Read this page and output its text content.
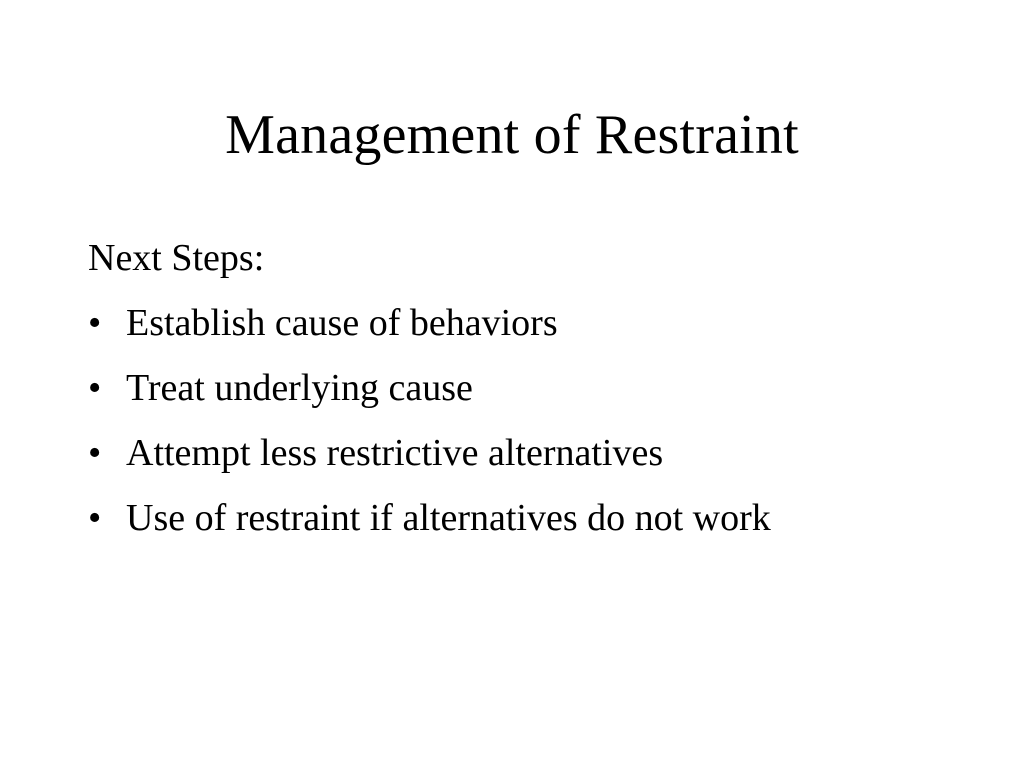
Management of Restraint

Next Steps:

• Establish cause of behaviors
• Treat underlying cause
• Attempt less restrictive alternatives
• Use of restraint if alternatives do not work
